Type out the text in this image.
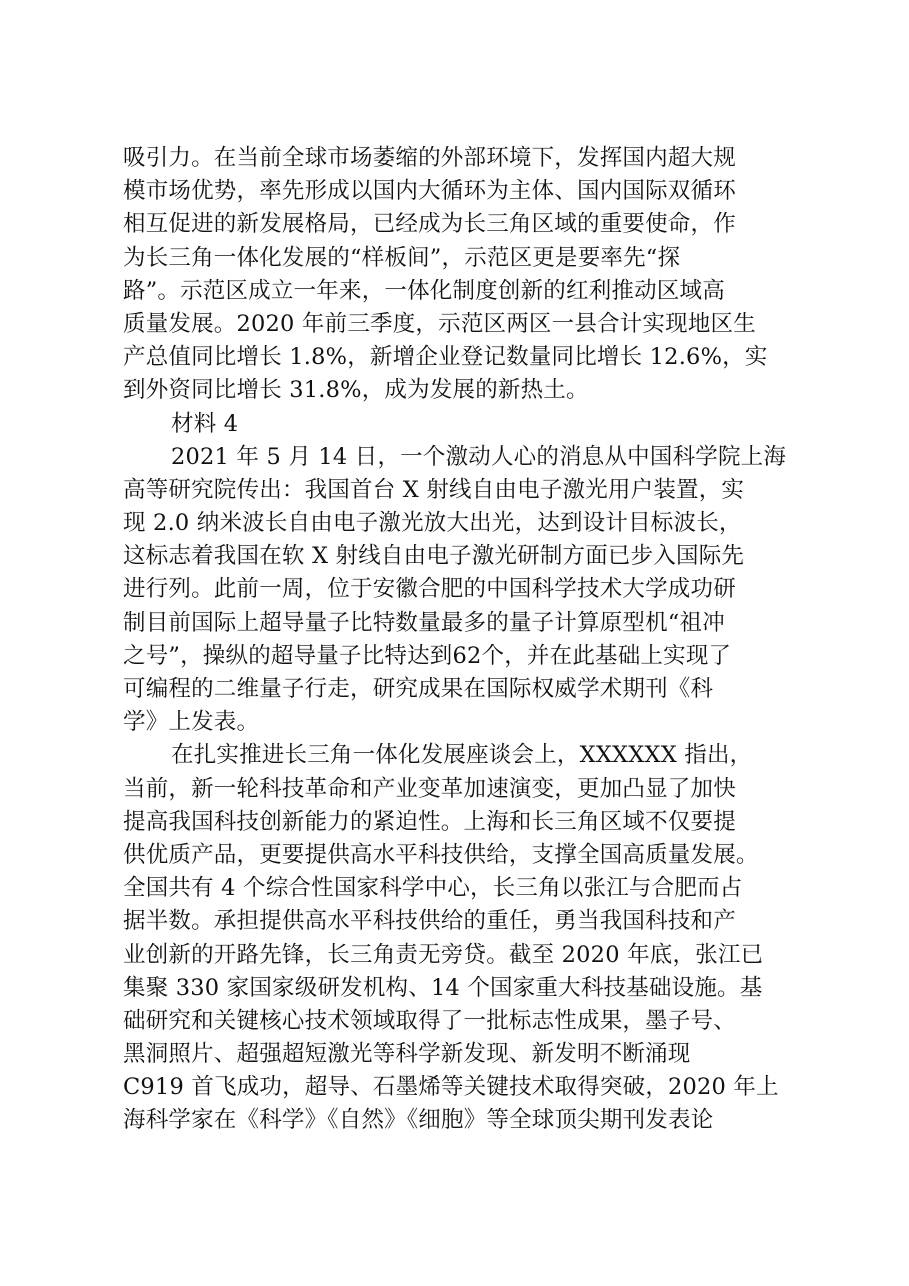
吸引力。在当前全球市场萎缩的外部环境下，发挥国内超大规
模市场优势，率先形成以国内大循环为主体、国内国际双循环
相互促进的新发展格局，已经成为长三角区域的重要使命，作
为长三角一体化发展的“样板间”，示范区更是要率先“探
路”。示范区成立一年来，一体化制度创新的红利推动区域高
质量发展。2020 年前三季度，示范区两区一县合计实现地区生
产总值同比增长 1.8%，新增企业登记数量同比增长 12.6%，实
到外资同比增长 31.8%，成为发展的新热土。
材料 4
2021 年 5 月 14 日，一个激动人心的消息从中国科学院上海
高等研究院传出：我国首台 X 射线自由电子激光用户装置，实
现 2.0 纳米波长自由电子激光放大出光，达到设计目标波长，
这标志着我国在软 X 射线自由电子激光研制方面已步入国际先
进行列。此前一周，位于安徽合肥的中国科学技术大学成功研
制目前国际上超导量子比特数量最多的量子计算原型机“祖冲
之号”，操纵的超导量子比特达到62个，并在此基础上实现了
可编程的二维量子行走，研究成果在国际权威学术期刊《科
学》上发表。
在扎实推进长三角一体化发展座谈会上，XXXXXX 指出，
当前，新一轮科技革命和产业变革加速演变，更加凸显了加快
提高我国科技创新能力的紧迫性。上海和长三角区域不仅要提
供优质产品，更要提供高水平科技供给，支撑全国高质量发展。
全国共有 4 个综合性国家科学中心，长三角以张江与合肥而占
据半数。承担提供高水平科技供给的重任，勇当我国科技和产
业创新的开路先锋，长三角责无旁贷。截至 2020 年底，张江已
集聚 330 家国家级研发机构、14 个国家重大科技基础设施。基
础研究和关键核心技术领域取得了一批标志性成果，墨子号、
黑洞照片、超强超短激光等科学新发现、新发明不断涌现
C919 首飞成功，超导、石墨烯等关键技术取得突破，2020 年上
海科学家在《科学》《自然》《细胞》等全球顶尖期刊发表论
